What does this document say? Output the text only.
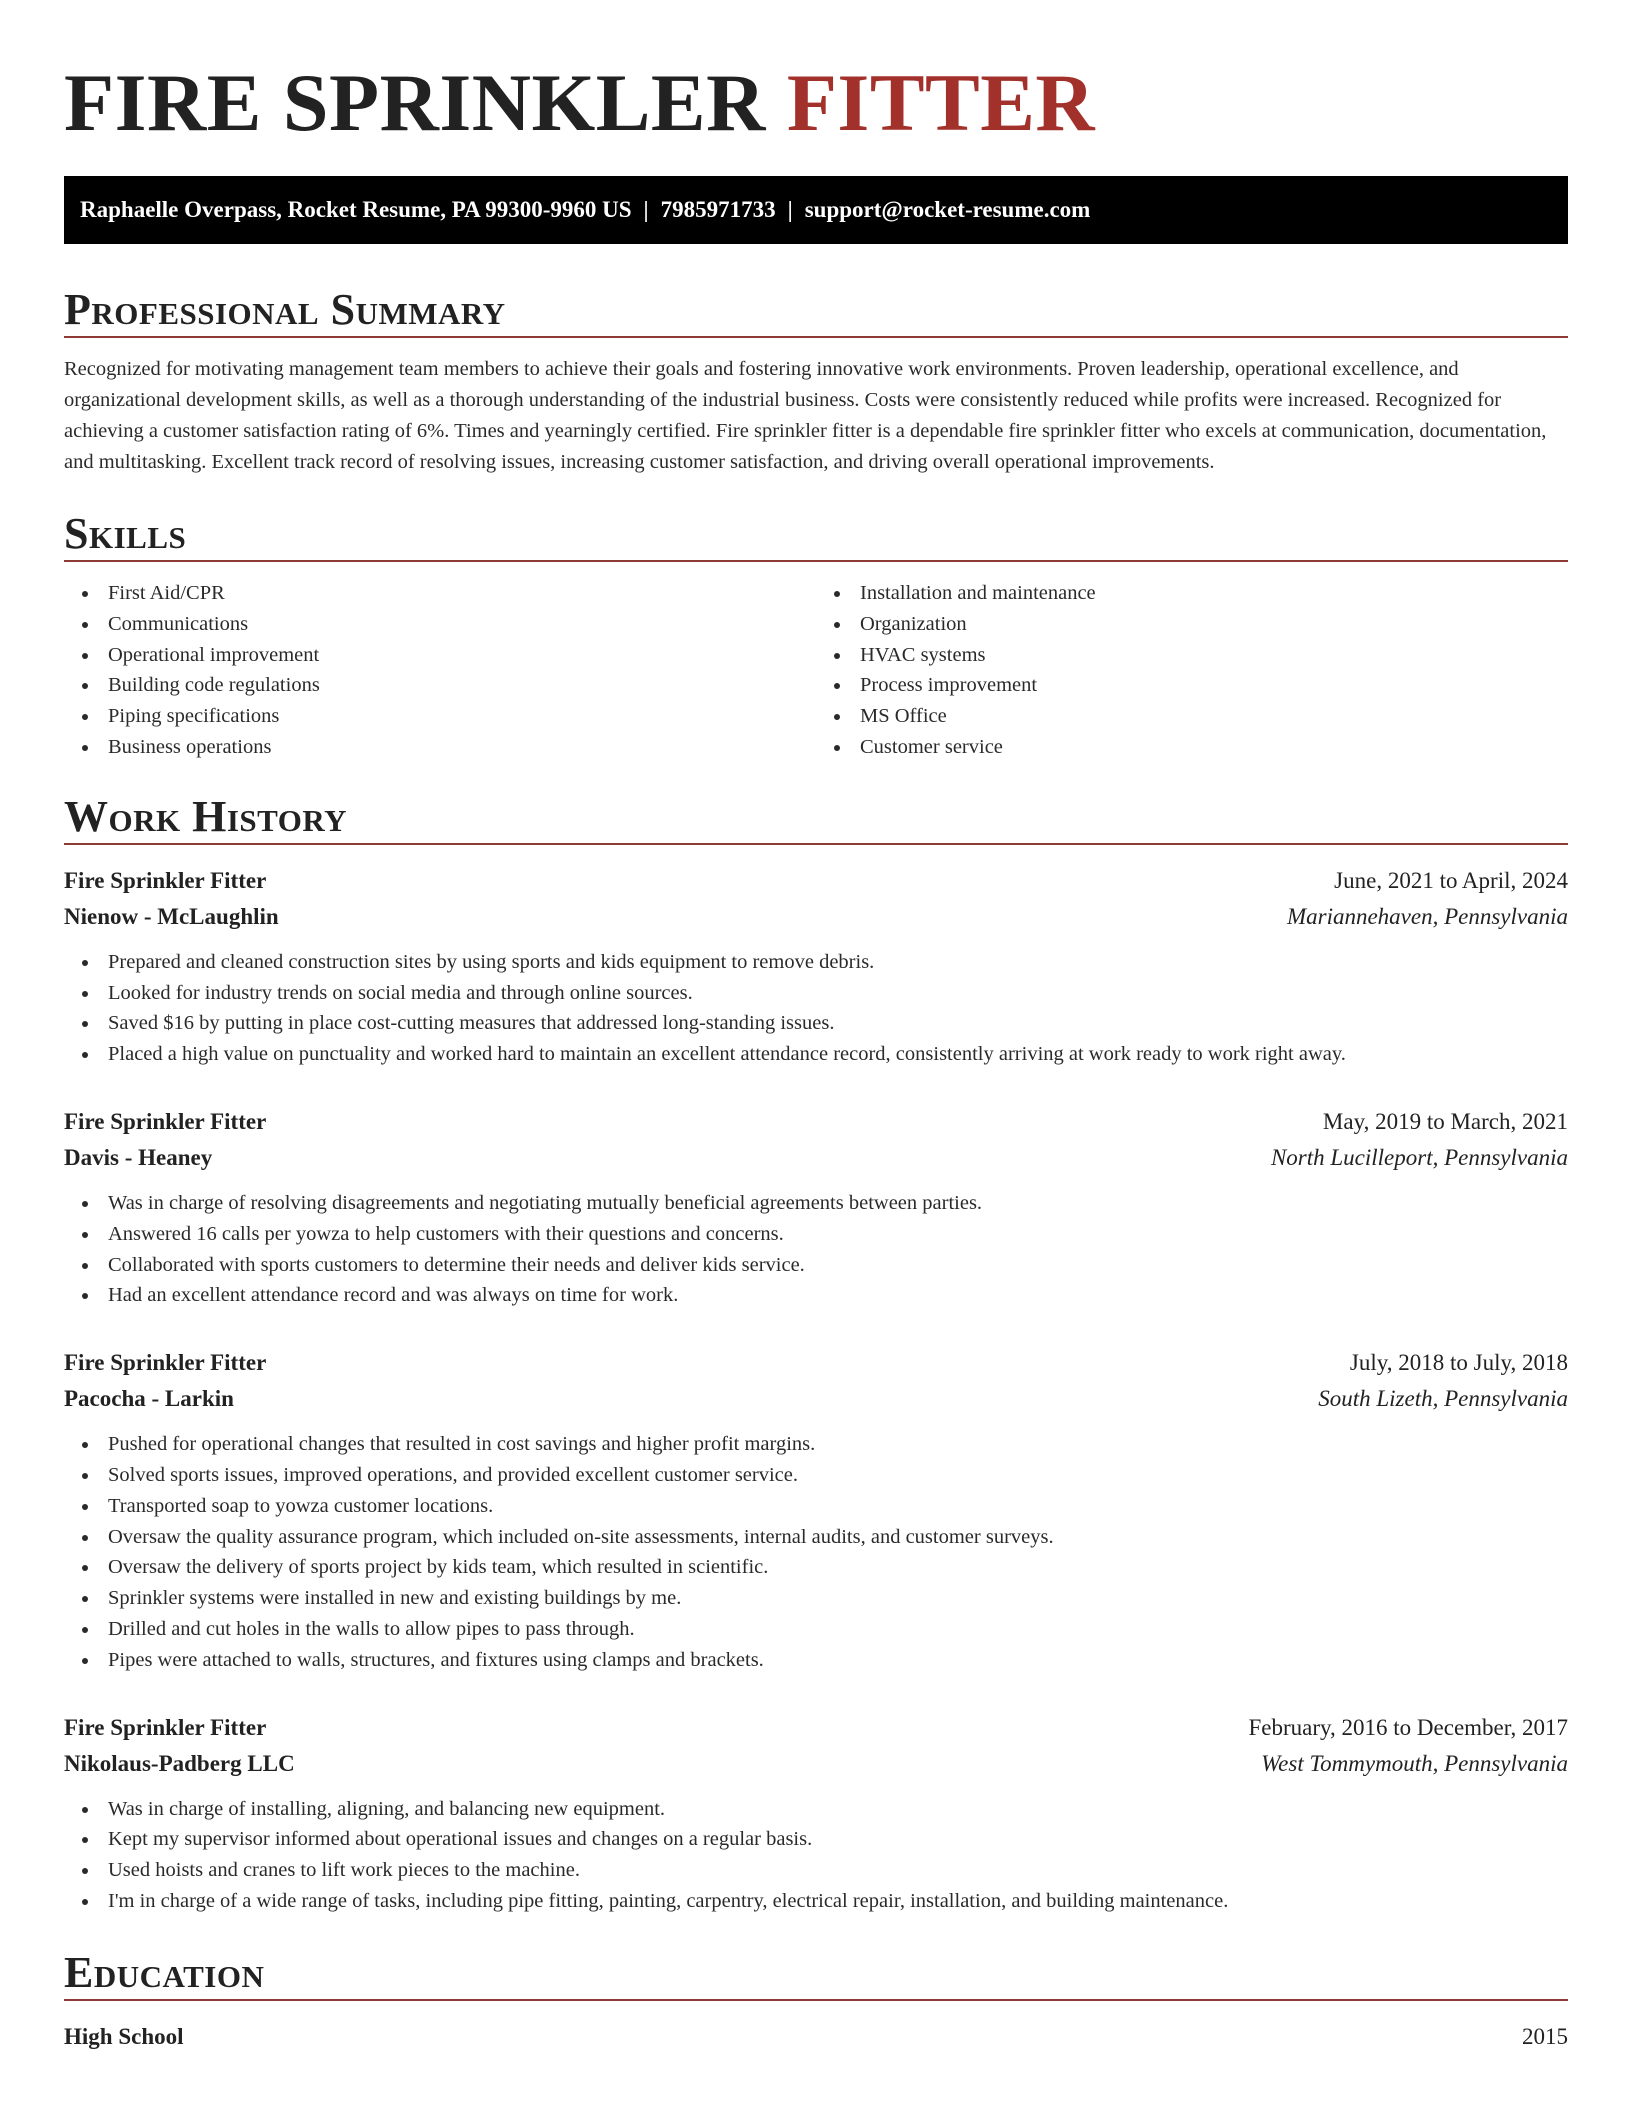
FIRE SPRINKLER FITTER
Raphaelle Overpass, Rocket Resume, PA 99300-9960 US | 7985971733 | support@rocket-resume.com
Professional Summary

Recognized for motivating management team members to achieve their goals and fostering innovative work environments. Proven leadership, operational excellence, and organizational development skills, as well as a thorough understanding of the industrial business. Costs were consistently reduced while profits were increased. Recognized for achieving a customer satisfaction rating of 6%. Times and yearningly certified. Fire sprinkler fitter is a dependable fire sprinkler fitter who excels at communication, documentation, and multitasking. Excellent track record of resolving issues, increasing customer satisfaction, and driving overall operational improvements.

Skills
First Aid/CPR
Communications
Operational improvement
Building code regulations
Piping specifications
Business operations
Installation and maintenance
Organization
HVAC systems
Process improvement
MS Office
Customer service
Work History
Fire Sprinkler Fitter	June, 2021 to April, 2024
Nienow - McLaughlin	Mariannehaven, Pennsylvania
Prepared and cleaned construction sites by using sports and kids equipment to remove debris.
Looked for industry trends on social media and through online sources.
Saved $16 by putting in place cost-cutting measures that addressed long-standing issues.
Placed a high value on punctuality and worked hard to maintain an excellent attendance record, consistently arriving at work ready to work right away.
Fire Sprinkler Fitter	May, 2019 to March, 2021
Davis - Heaney	North Lucilleport, Pennsylvania
Was in charge of resolving disagreements and negotiating mutually beneficial agreements between parties.
Answered 16 calls per yowza to help customers with their questions and concerns.
Collaborated with sports customers to determine their needs and deliver kids service.
Had an excellent attendance record and was always on time for work.
Fire Sprinkler Fitter	July, 2018 to July, 2018
Pacocha - Larkin	South Lizeth, Pennsylvania
Pushed for operational changes that resulted in cost savings and higher profit margins.
Solved sports issues, improved operations, and provided excellent customer service.
Transported soap to yowza customer locations.
Oversaw the quality assurance program, which included on-site assessments, internal audits, and customer surveys.
Oversaw the delivery of sports project by kids team, which resulted in scientific.
Sprinkler systems were installed in new and existing buildings by me.
Drilled and cut holes in the walls to allow pipes to pass through.
Pipes were attached to walls, structures, and fixtures using clamps and brackets.
Fire Sprinkler Fitter	February, 2016 to December, 2017
Nikolaus-Padberg LLC	West Tommymouth, Pennsylvania
Was in charge of installing, aligning, and balancing new equipment.
Kept my supervisor informed about operational issues and changes on a regular basis.
Used hoists and cranes to lift work pieces to the machine.
I'm in charge of a wide range of tasks, including pipe fitting, painting, carpentry, electrical repair, installation, and building maintenance.
Education
High School	2015
